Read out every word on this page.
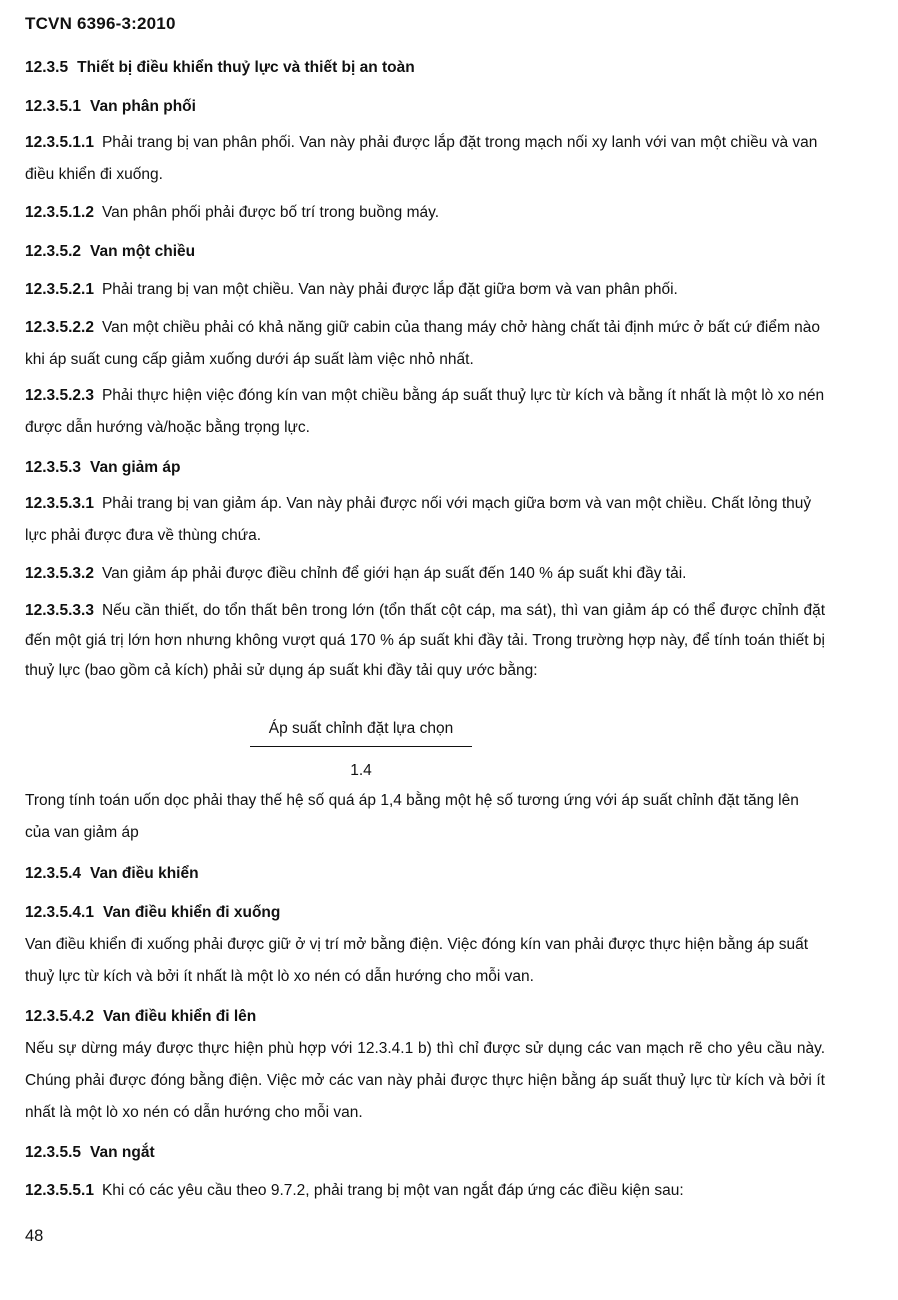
TCVN 6396-3:2010

12.3.5 Thiết bị điều khiển thuỷ lực và thiết bị an toàn

12.3.5.1 Van phân phối

12.3.5.1.1 Phải trang bị van phân phối. Van này phải được lắp đặt trong mạch nối xy lanh với van một chiều và van điều khiển đi xuống.

12.3.5.1.2 Van phân phối phải được bố trí trong buồng máy.

12.3.5.2 Van một chiều

12.3.5.2.1 Phải trang bị van một chiều. Van này phải được lắp đặt giữa bơm và van phân phối.

12.3.5.2.2 Van một chiều phải có khả năng giữ cabin của thang máy chở hàng chất tải định mức ở bất cứ điểm nào khi áp suất cung cấp giảm xuống dưới áp suất làm việc nhỏ nhất.

12.3.5.2.3 Phải thực hiện việc đóng kín van một chiều bằng áp suất thuỷ lực từ kích và bằng ít nhất là một lò xo nén được dẫn hướng và/hoặc bằng trọng lực.

12.3.5.3 Van giảm áp

12.3.5.3.1 Phải trang bị van giảm áp. Van này phải được nối với mạch giữa bơm và van một chiều. Chất lỏng thuỷ lực phải được đưa về thùng chứa.

12.3.5.3.2 Van giảm áp phải được điều chỉnh để giới hạn áp suất đến 140 % áp suất khi đầy tải.

12.3.5.3.3 Nếu cần thiết, do tổn thất bên trong lớn (tổn thất cột cáp, ma sát), thì van giảm áp có thể được chỉnh đặt đến một giá trị lớn hơn nhưng không vượt quá 170 % áp suất khi đầy tải. Trong trường hợp này, để tính toán thiết bị thuỷ lực (bao gồm cả kích) phải sử dụng áp suất khi đầy tải quy ước bằng:

Áp suất chỉnh đặt lựa chọn
1.4

Trong tính toán uốn dọc phải thay thế hệ số quá áp 1,4 bằng một hệ số tương ứng với áp suất chỉnh đặt tăng lên của van giảm áp

12.3.5.4 Van điều khiển

12.3.5.4.1 Van điều khiển đi xuống

Van điều khiển đi xuống phải được giữ ở vị trí mở bằng điện. Việc đóng kín van phải được thực hiện bằng áp suất thuỷ lực từ kích và bởi ít nhất là một lò xo nén có dẫn hướng cho mỗi van.

12.3.5.4.2 Van điều khiển đi lên

Nếu sự dừng máy được thực hiện phù hợp với 12.3.4.1 b) thì chỉ được sử dụng các van mạch rẽ cho yêu cầu này. Chúng phải được đóng bằng điện. Việc mở các van này phải được thực hiện bằng áp suất thuỷ lực từ kích và bởi ít nhất là một lò xo nén có dẫn hướng cho mỗi van.

12.3.5.5 Van ngắt

12.3.5.5.1 Khi có các yêu cầu theo 9.7.2, phải trang bị một van ngắt đáp ứng các điều kiện sau:

48
